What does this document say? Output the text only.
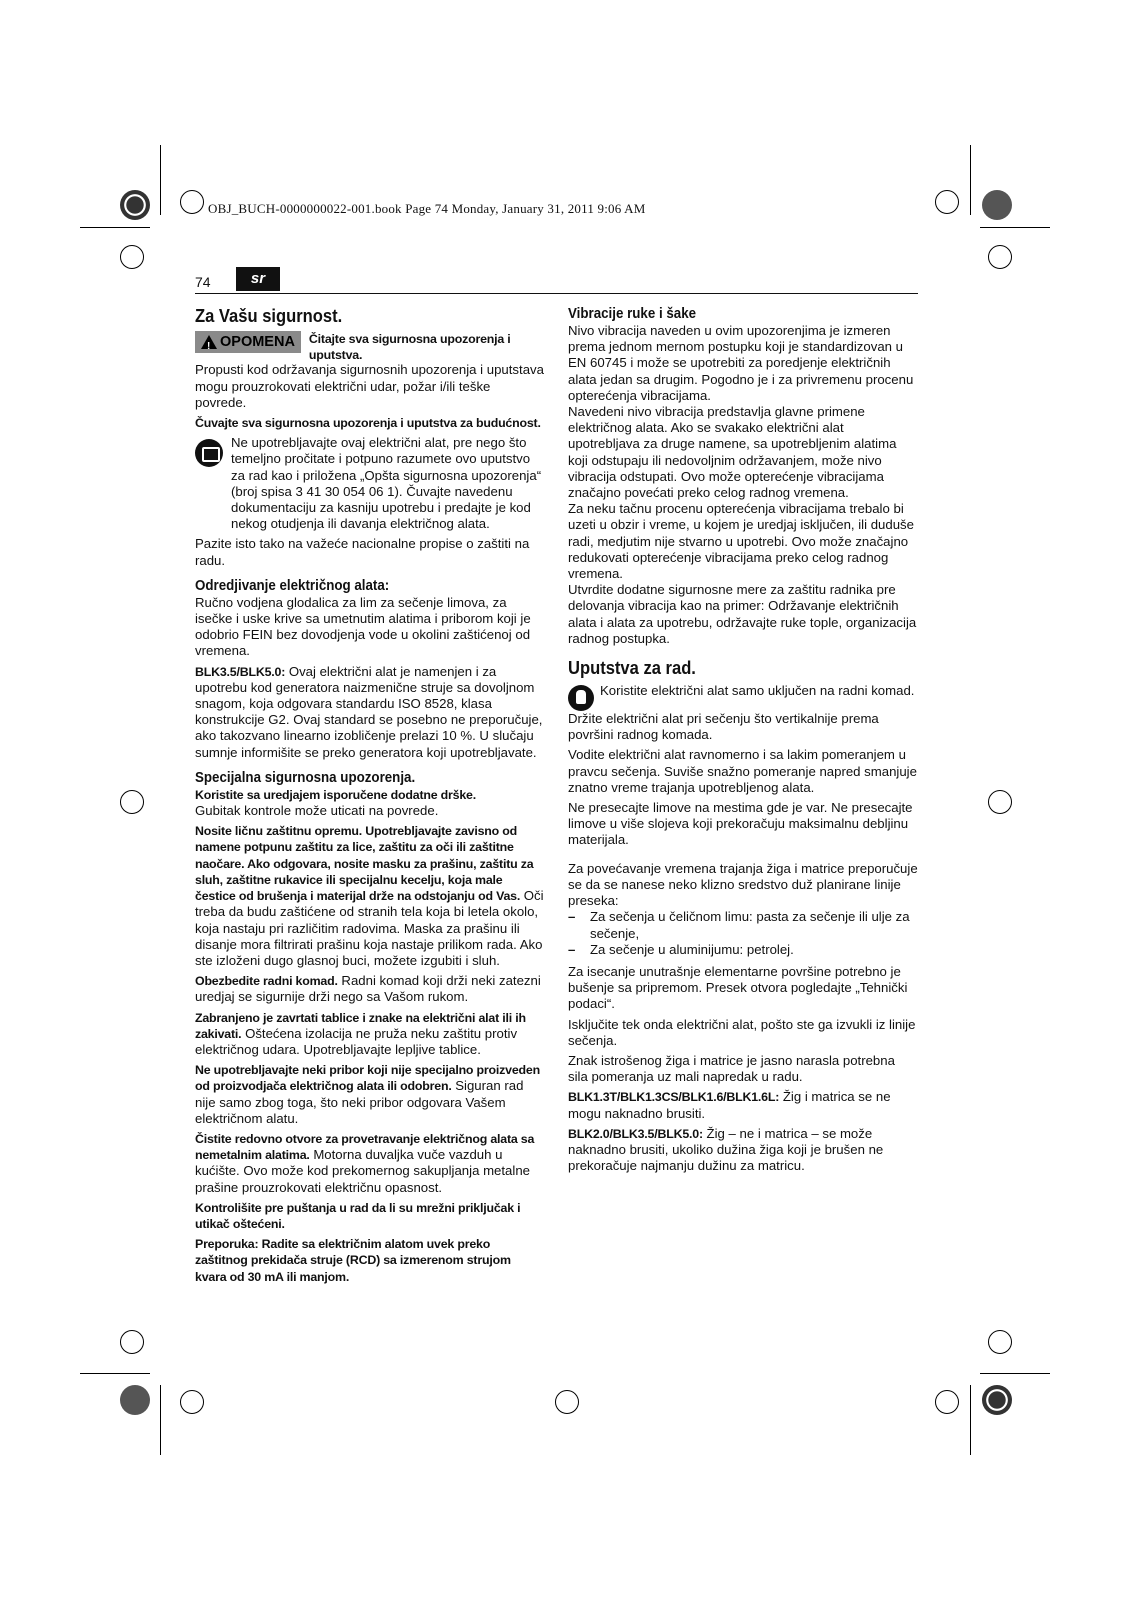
OBJ_BUCH-0000000022-001.book Page 74 Monday, January 31, 2011 9:06 AM
74	sr
Za Vašu sigurnost.
!
OPOMENA Čitajte sva sigurnosna upozorenja i uputstva.

Propusti kod održavanja sigurnosnih upozorenja i uputstava mogu prouzrokovati električni udar, požar i/ili teške povrede.

Čuvajte sva sigurnosna upozorenja i uputstva za budućnost.

Ne upotrebljavajte ovaj električni alat, pre nego što temeljno pročitate i potpuno razumete ovo uputstvo za rad kao i priložena „Opšta sigurnosna upozorenja“ (broj spisa 3 41 30 054 06 1). Čuvajte navedenu dokumentaciju za kasniju upotrebu i predajte je kod nekog otudjenja ili davanja električnog alata.

Pazite isto tako na važeće nacionalne propise o zaštiti na radu.

Odredjivanje električnog alata:

Ručno vodjena glodalica za lim za sečenje limova, za isečke i uske krive sa umetnutim alatima i priborom koji je odobrio FEIN bez dovodjenja vode u okolini zaštićenoj od vremena.

BLK3.5/BLK5.0: Ovaj električni alat je namenjen i za upotrebu kod generatora naizmenične struje sa dovoljnom snagom, koja odgovara standardu ISO 8528, klasa konstrukcije G2. Ovaj standard se posebno ne preporučuje, ako takozvano linearno izobličenje prelazi 10 %. U slučaju sumnje informišite se preko generatora koji upotrebljavate.

Specijalna sigurnosna upozorenja.

Koristite sa uredjajem isporučene dodatne drške.
Gubitak kontrole može uticati na povrede.

Nosite ličnu zaštitnu opremu. Upotrebljavajte zavisno od namene potpunu zaštitu za lice, zaštitu za oči ili zaštitne naočare. Ako odgovara, nosite masku za prašinu, zaštitu za sluh, zaštitne rukavice ili specijalnu kecelju, koja male čestice od brušenja i materijal drže na odstojanju od Vas. Oči treba da budu zaštićene od stranih tela koja bi letela okolo, koja nastaju pri različitim radovima. Maska za prašinu ili disanje mora filtrirati prašinu koja nastaje prilikom rada. Ako ste izloženi dugo glasnoj buci, možete izgubiti i sluh.

Obezbedite radni komad. Radni komad koji drži neki zatezni uredjaj se sigurnije drži nego sa Vašom rukom.

Zabranjeno je zavrtati tablice i znake na električni alat ili ih zakivati. Oštećena izolacija ne pruža neku zaštitu protiv električnog udara. Upotrebljavajte lepljive tablice.

Ne upotrebljavajte neki pribor koji nije specijalno proizveden od proizvodjača električnog alata ili odobren. Siguran rad nije samo zbog toga, što neki pribor odgovara Vašem električnom alatu.

Čistite redovno otvore za provetravanje električnog alata sa nemetalnim alatima. Motorna duvaljka vuče vazduh u kućište. Ovo može kod prekomernog sakupljanja metalne prašine prouzrokovati električnu opasnost.

Kontrolišite pre puštanja u rad da li su mrežni priključak i utikač oštećeni.

Preporuka: Radite sa električnim alatom uvek preko zaštitnog prekidača struje (RCD) sa izmerenom strujom kvara od 30 mA ili manjom.

Vibracije ruke i šake

Nivo vibracija naveden u ovim upozorenjima je izmeren prema jednom mernom postupku koji je standardizovan u EN 60745 i može se upotrebiti za poredjenje električnih alata jedan sa drugim. Pogodno je i za privremenu procenu opterećenja vibracijama.

Navedeni nivo vibracija predstavlja glavne primene električnog alata. Ako se svakako električni alat upotrebljava za druge namene, sa upotrebljenim alatima koji odstupaju ili nedovoljnim održavanjem, može nivo vibracija odstupati. Ovo može opterećenje vibracijama značajno povećati preko celog radnog vremena.

Za neku tačnu procenu opterećenja vibracijama trebalo bi uzeti u obzir i vreme, u kojem je uredjaj isključen, ili duduše radi, medjutim nije stvarno u upotrebi. Ovo može značajno redukovati opterećenje vibracijama preko celog radnog vremena.

Utvrdite dodatne sigurnosne mere za zaštitu radnika pre delovanja vibracija kao na primer: Održavanje električnih alata i alata za upotrebu, održavajte ruke tople, organizacija radnog postupka.

Uputstva za rad.

Koristite električni alat samo uključen na radni komad.

Držite električni alat pri sečenju što vertikalnije prema površini radnog komada.

Vodite električni alat ravnomerno i sa lakim pomeranjem u pravcu sečenja. Suviše snažno pomeranje napred smanjuje znatno vreme trajanja upotrebljenog alata.

Ne presecajte limove na mestima gde je var. Ne presecajte limove u više slojeva koji prekoračuju maksimalnu debljinu materijala.

Za povećavanje vremena trajanja žiga i matrice preporučuje se da se nanese neko klizno sredstvo duž planirane linije preseka:

– Za sečenja u čeličnom limu: pasta za sečenje ili ulje za sečenje,
– Za sečenje u aluminijumu: petrolej.

Za isecanje unutrašnje elementarne površine potrebno je bušenje sa pripremom. Presek otvora pogledajte „Tehnički podaci“.

Isključite tek onda električni alat, pošto ste ga izvukli iz linije sečenja.

Znak istrošenog žiga i matrice je jasno narasla potrebna sila pomeranja uz mali napredak u radu.

BLK1.3T/BLK1.3CS/BLK1.6/BLK1.6L: Žig i matrica se ne mogu naknadno brusiti.

BLK2.0/BLK3.5/BLK5.0: Žig – ne i matrica – se može naknadno brusiti, ukoliko dužina žiga koji je brušen ne prekoračuje najmanju dužinu za matricu.
